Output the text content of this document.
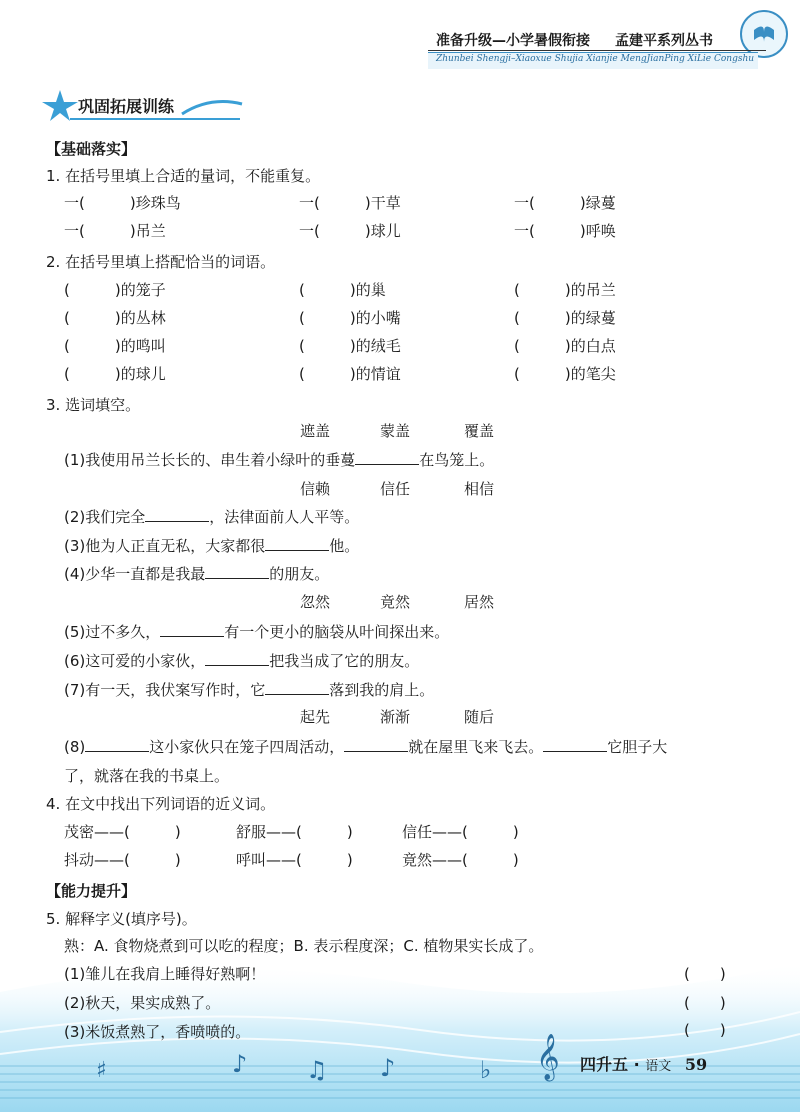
准备升级—小学暑假衔接 孟建平系列丛书
Zhunbei Shengji–Xiaoxue Shujia Xianjie MengJianPing XiLie Congshu
巩固拓展训练
【基础落实】
1. 在括号里填上合适的量词，不能重复。
一(　　　)珍珠鸟	一(　　　)干草	一(　　　)绿蔓
一(　　　)吊兰	一(　　　)球儿	一(　　　)呼唤
2. 在括号里填上搭配恰当的词语。
(　　　)的笼子	(　　　)的巢	(　　　)的吊兰
(　　　)的丛林	(　　　)的小嘴	(　　　)的绿蔓
(　　　)的鸣叫	(　　　)的绒毛	(　　　)的白点
(　　　)的球儿	(　　　)的情谊	(　　　)的笔尖
3. 选词填空。
遮盖	蒙盖	覆盖
(1)我使用吊兰长长的、串生着小绿叶的垂蔓	在鸟笼上。
信赖	信任	相信
(2)我们完全	，法律面前人人平等。
(3)他为人正直无私，大家都很	他。
(4)少华一直都是我最	的朋友。
忽然	竟然	居然
(5)过不多久，	有一个更小的脑袋从叶间探出来。
(6)这可爱的小家伙，	把我当成了它的朋友。
(7)有一天，我伏案写作时，它	落到我的肩上。
起先	渐渐	随后
(8)	这小家伙只在笼子四周活动，	就在屋里飞来飞去。	它胆子大
了，就落在我的书桌上。
4. 在文中找出下列词语的近义词。
茂密——(　　　)	舒服——(　　　)	信任——(　　　)
抖动——(　　　)	呼叫——(　　　)	竟然——(　　　)
【能力提升】
♯	♪ ♫ ♪	♭ 𝄞
5. 解释字义(填序号)。
熟：A. 食物烧煮到可以吃的程度；B. 表示程度深；C. 植物果实长成了。
(1)雏儿在我肩上睡得好熟啊！	(　　)
(2)秋天，果实成熟了。	(　　)
(3)米饭煮熟了，香喷喷的。	(　　)
四升五 · 语文 59
